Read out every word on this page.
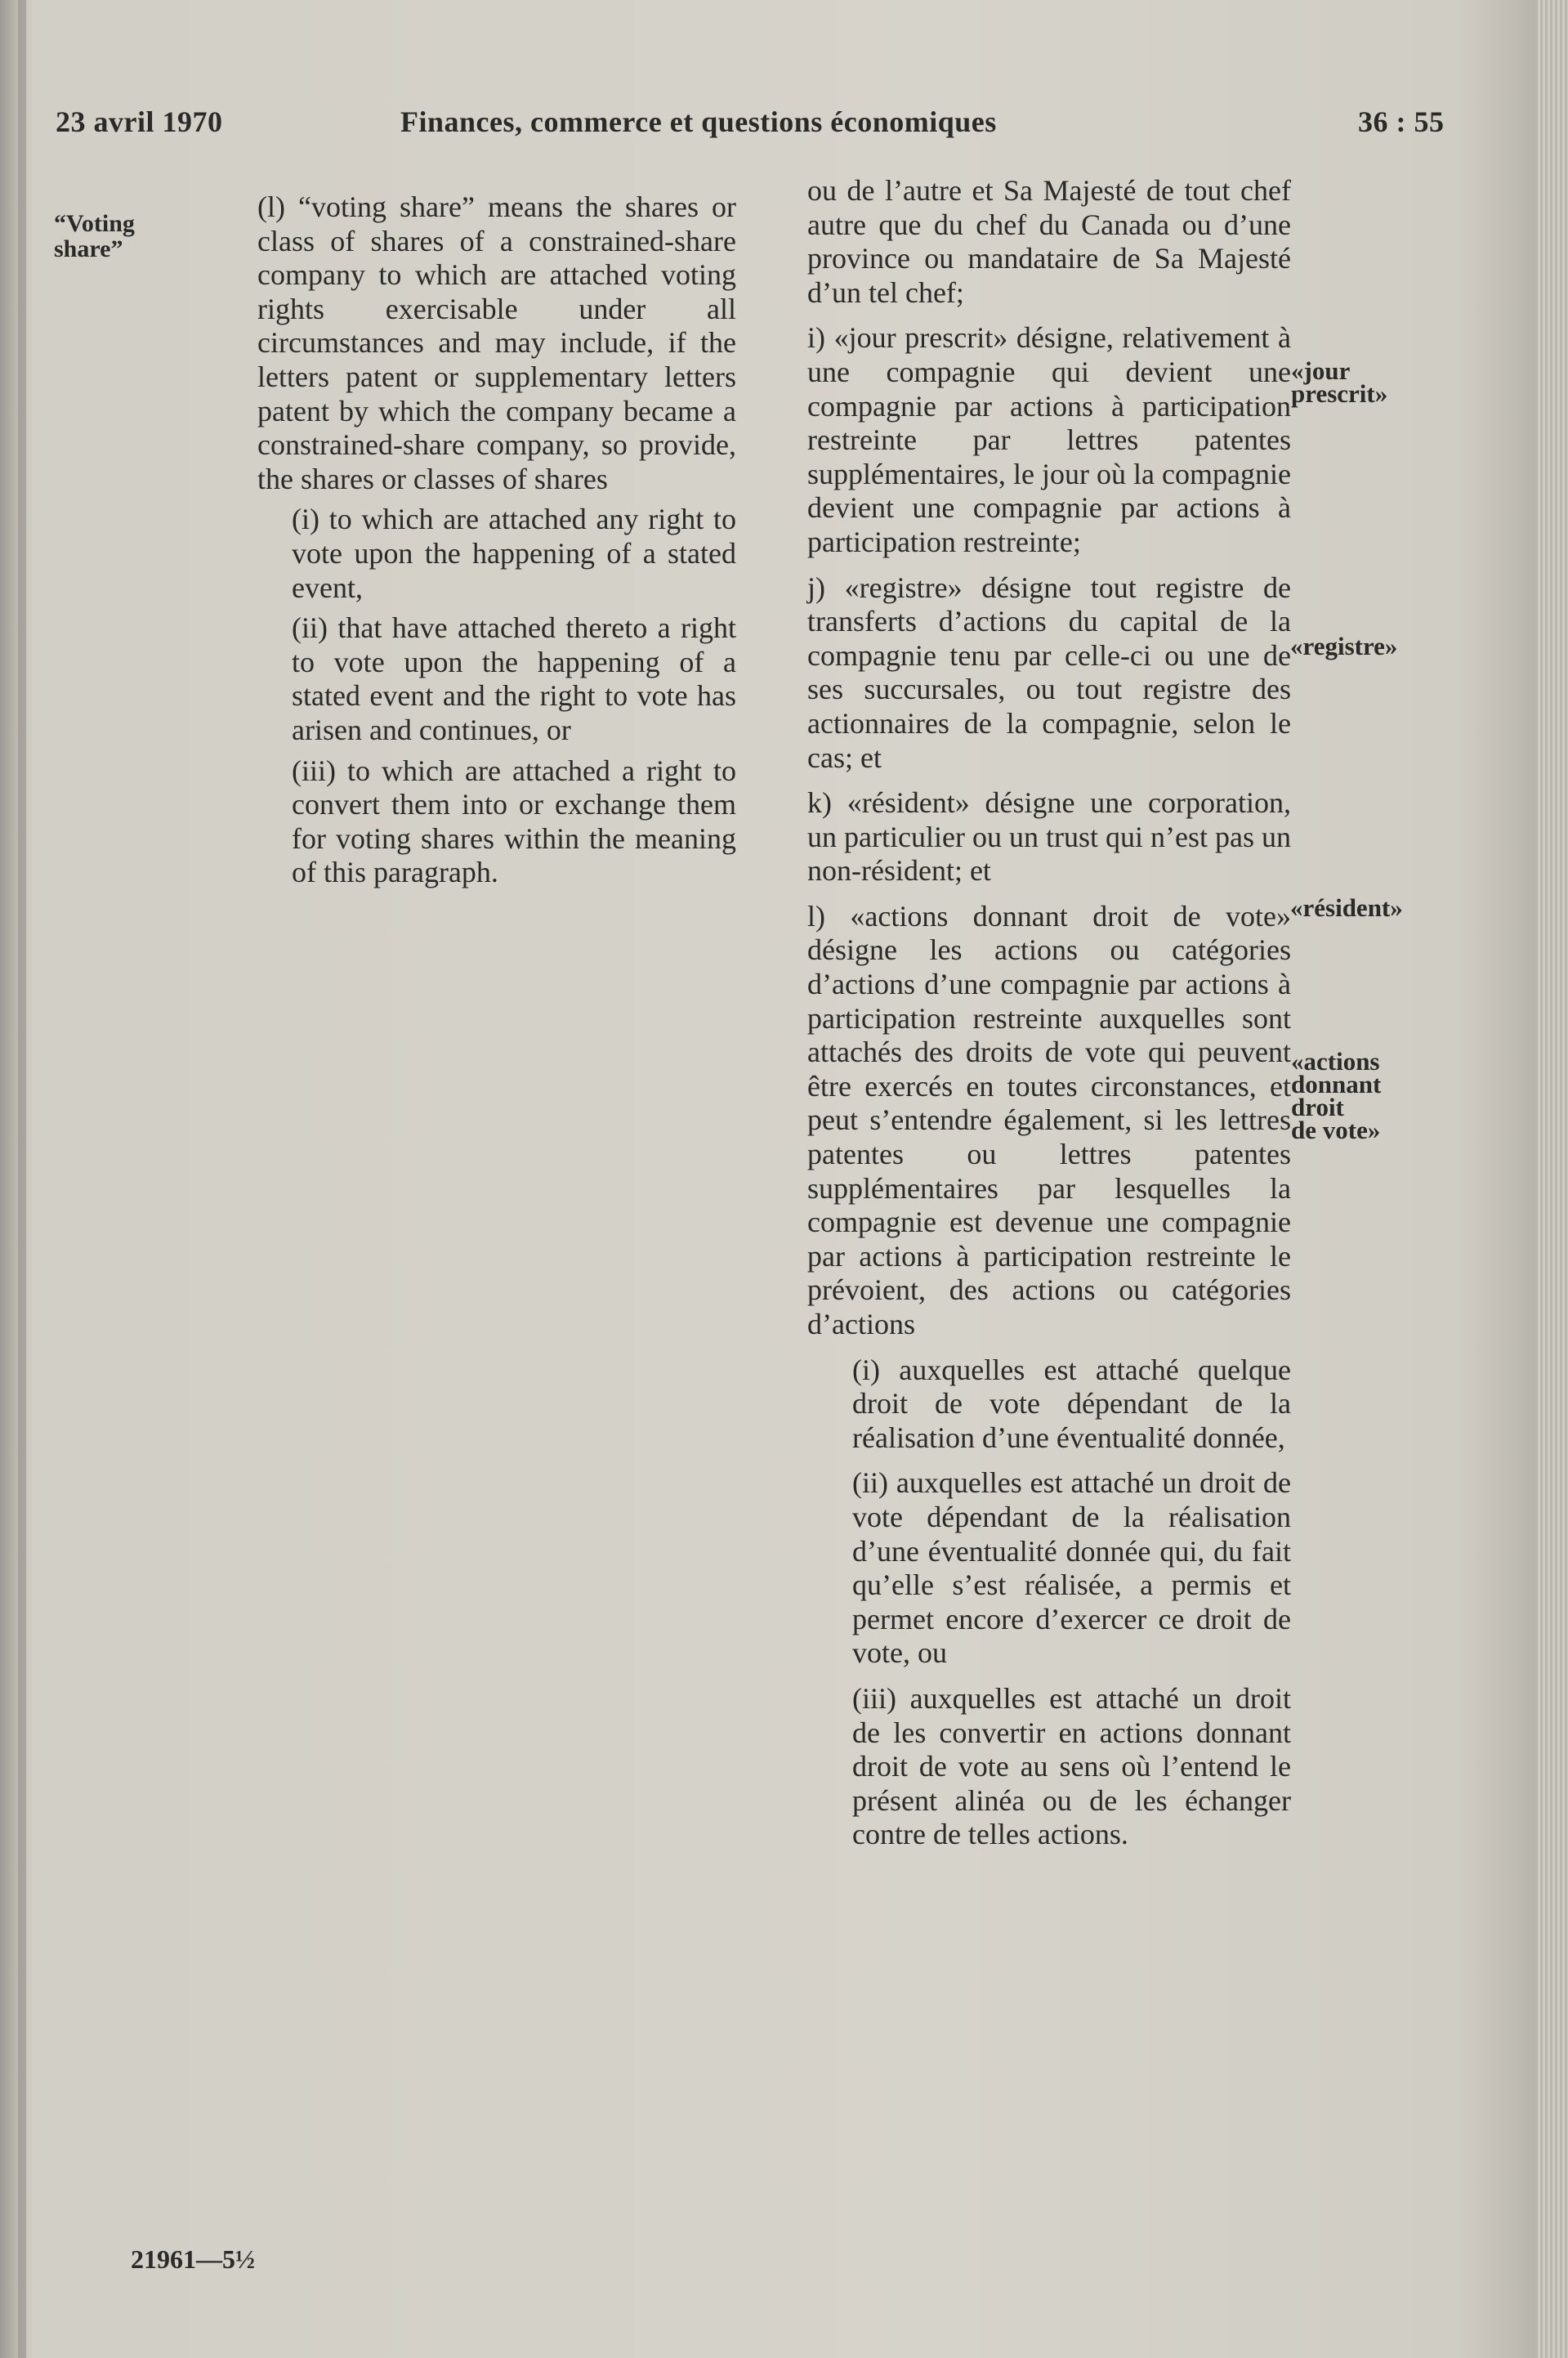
23 avril 1970	Finances, commerce et questions économiques	36 : 55
“Voting
share”
«jour
prescrit»
«registre»
«résident»
«actions
donnant
droit
de vote»

(l) “voting share” means the shares or class of shares of a constrained-share company to which are attached voting rights exercisable under all circumstances and may include, if the letters patent or supplementary letters patent by which the company became a constrained-share company, so provide, the shares or classes of shares

(i) to which are attached any right to vote upon the happening of a stated event,

(ii) that have attached thereto a right to vote upon the happening of a stated event and the right to vote has arisen and continues, or

(iii) to which are attached a right to convert them into or exchange them for voting shares within the meaning of this paragraph.

ou de l’autre et Sa Majesté de tout chef autre que du chef du Canada ou d’une province ou mandataire de Sa Majesté d’un tel chef;

i) «jour prescrit» désigne, relativement à une compagnie qui devient une compagnie par actions à participation restreinte par lettres patentes supplémentaires, le jour où la compagnie devient une compagnie par actions à participation restreinte;

j) «registre» désigne tout registre de transferts d’actions du capital de la compagnie tenu par celle-ci ou une de ses succursales, ou tout registre des actionnaires de la compagnie, selon le cas; et

k) «résident» désigne une corporation, un particulier ou un trust qui n’est pas un non-résident; et

l) «actions donnant droit de vote» désigne les actions ou catégories d’actions d’une compagnie par actions à participation restreinte auxquelles sont attachés des droits de vote qui peuvent être exercés en toutes circonstances, et peut s’entendre également, si les lettres patentes ou lettres patentes supplémentaires par lesquelles la compagnie est devenue une compagnie par actions à participation restreinte le prévoient, des actions ou catégories d’actions

(i) auxquelles est attaché quelque droit de vote dépendant de la réalisation d’une éventualité donnée,

(ii) auxquelles est attaché un droit de vote dépendant de la réalisation d’une éventualité donnée qui, du fait qu’elle s’est réalisée, a permis et permet encore d’exercer ce droit de vote, ou

(iii) auxquelles est attaché un droit de les convertir en actions donnant droit de vote au sens où l’entend le présent alinéa ou de les échanger contre de telles actions.

21961—5½
